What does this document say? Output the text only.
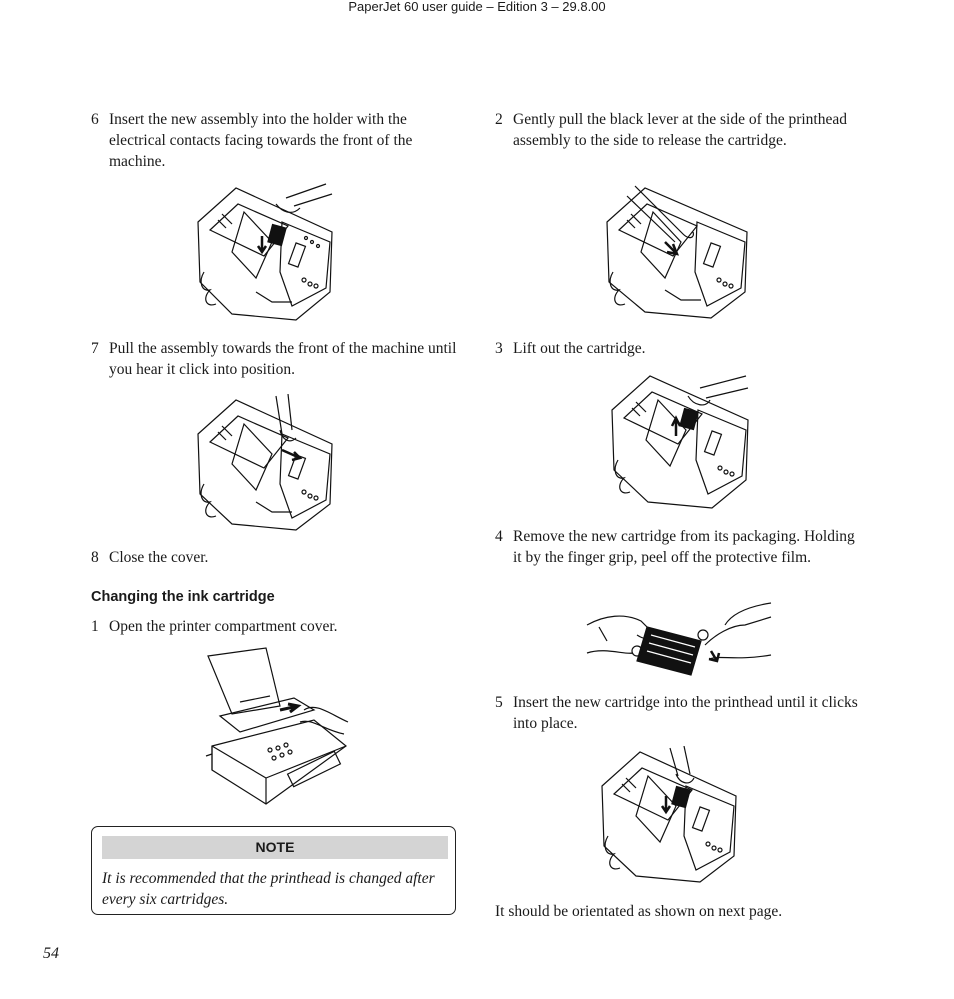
PaperJet 60 user guide – Edition 3 – 29.8.00
6 Insert the new assembly into the holder with the electrical contacts facing towards the front of the machine.
7 Pull the assembly towards the front of the machine until you hear it click into position.
8 Close the cover.
Changing the ink cartridge
1 Open the printer compartment cover.
NOTE
It is recommended that the printhead is changed after every six cartridges.
54
2 Gently pull the black lever at the side of the printhead assembly to the side to release the cartridge.
3 Lift out the cartridge.
4 Remove the new cartridge from its packaging. Holding it by the finger grip, peel off the protective film.
5 Insert the new cartridge into the printhead until it clicks into place.
It should be orientated as shown on next page.
